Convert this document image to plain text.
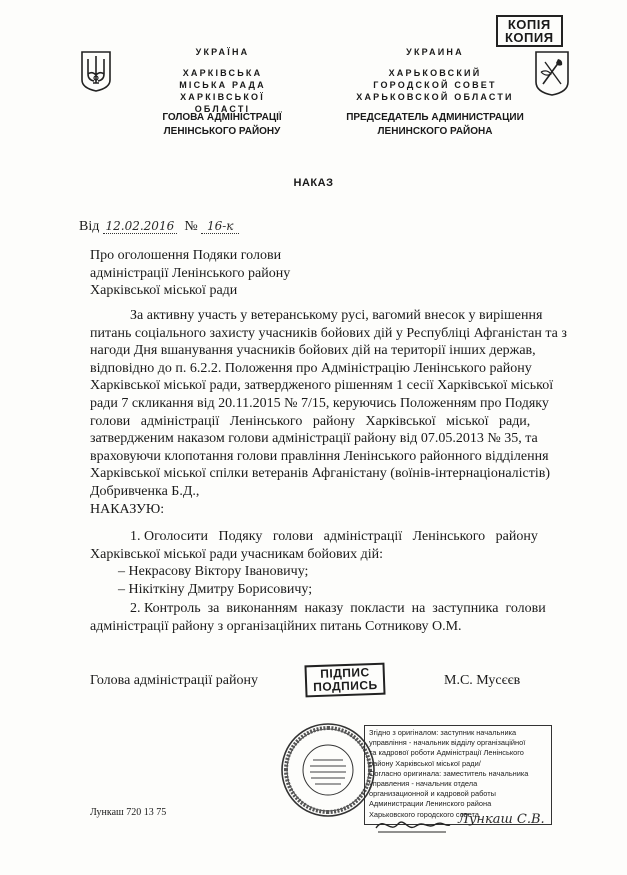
КОПІЯ
КОПИЯ
УКРАЇНА
ХАРКІВСЬКА
МІСЬКА РАДА
ХАРКІВСЬКОЇ ОБЛАСТІ
ГОЛОВА АДМІНІСТРАЦІЇ
ЛЕНІНСЬКОГО РАЙОНУ
УКРАИНА
ХАРЬКОВСКИЙ
ГОРОДСКОЙ СОВЕТ
ХАРЬКОВСКОЙ ОБЛАСТИ
ПРЕДСЕДАТЕЛЬ АДМИНИСТРАЦИИ
ЛЕНИНСКОГО РАЙОНА
НАКАЗ
Від 12.02.2016 № 16-к
Про оголошення Подяки голови
адміністрації Ленінського району
Харківської міської ради
За активну участь у ветеранському русі, вагомий внесок у вирішення
питань соціального захисту учасників бойових дій у Республіці Афганістан та з
нагоди Дня вшанування учасників бойових дій на території інших держав,
відповідно до п. 6.2.2. Положення про Адміністрацію Ленінського району
Харківської міської ради, затвердженого рішенням 1 сесії Харківської міської
ради 7 скликання від 20.11.2015 № 7/15, керуючись Положенням про Подяку
голови   адміністрації   Ленінського   району   Харківської   міської   ради,
затвердженим наказом голови адміністрації району від 07.05.2013 № 35, та
враховуючи клопотання голови правління Ленінського районного відділення
Харківської міської спілки ветеранів Афганістану (воїнів-інтернаціоналістів)
Добривченка Б.Д.,
НАКАЗУЮ:
1. Оголосити   Подяку   голови   адміністрації   Ленінського   району
Харківської міської ради учасникам бойових дій:
– Некрасову Віктору Івановичу;
– Нікіткіну Дмитру Борисовичу;
2. Контроль  за  виконанням  наказу  покласти  на  заступника  голови
адміністрації району з організаційних питань Сотникову О.М.
Голова адміністрації району	ПІДПИС
ПОДПИСЬ	М.С. Мусєєв
Згідно з оригіналом: заступник начальника
управління - начальник відділу організаційної
та кадрової роботи Адміністрації Ленінського
району Харківської міської ради/
Согласно оригинала: заместитель начальника
управления - начальник отдела
организационной и кадровой работы
Администрации Ленинского района
Харьковского городского совета
Лункаш С.В.
Лункаш 720 13 75
